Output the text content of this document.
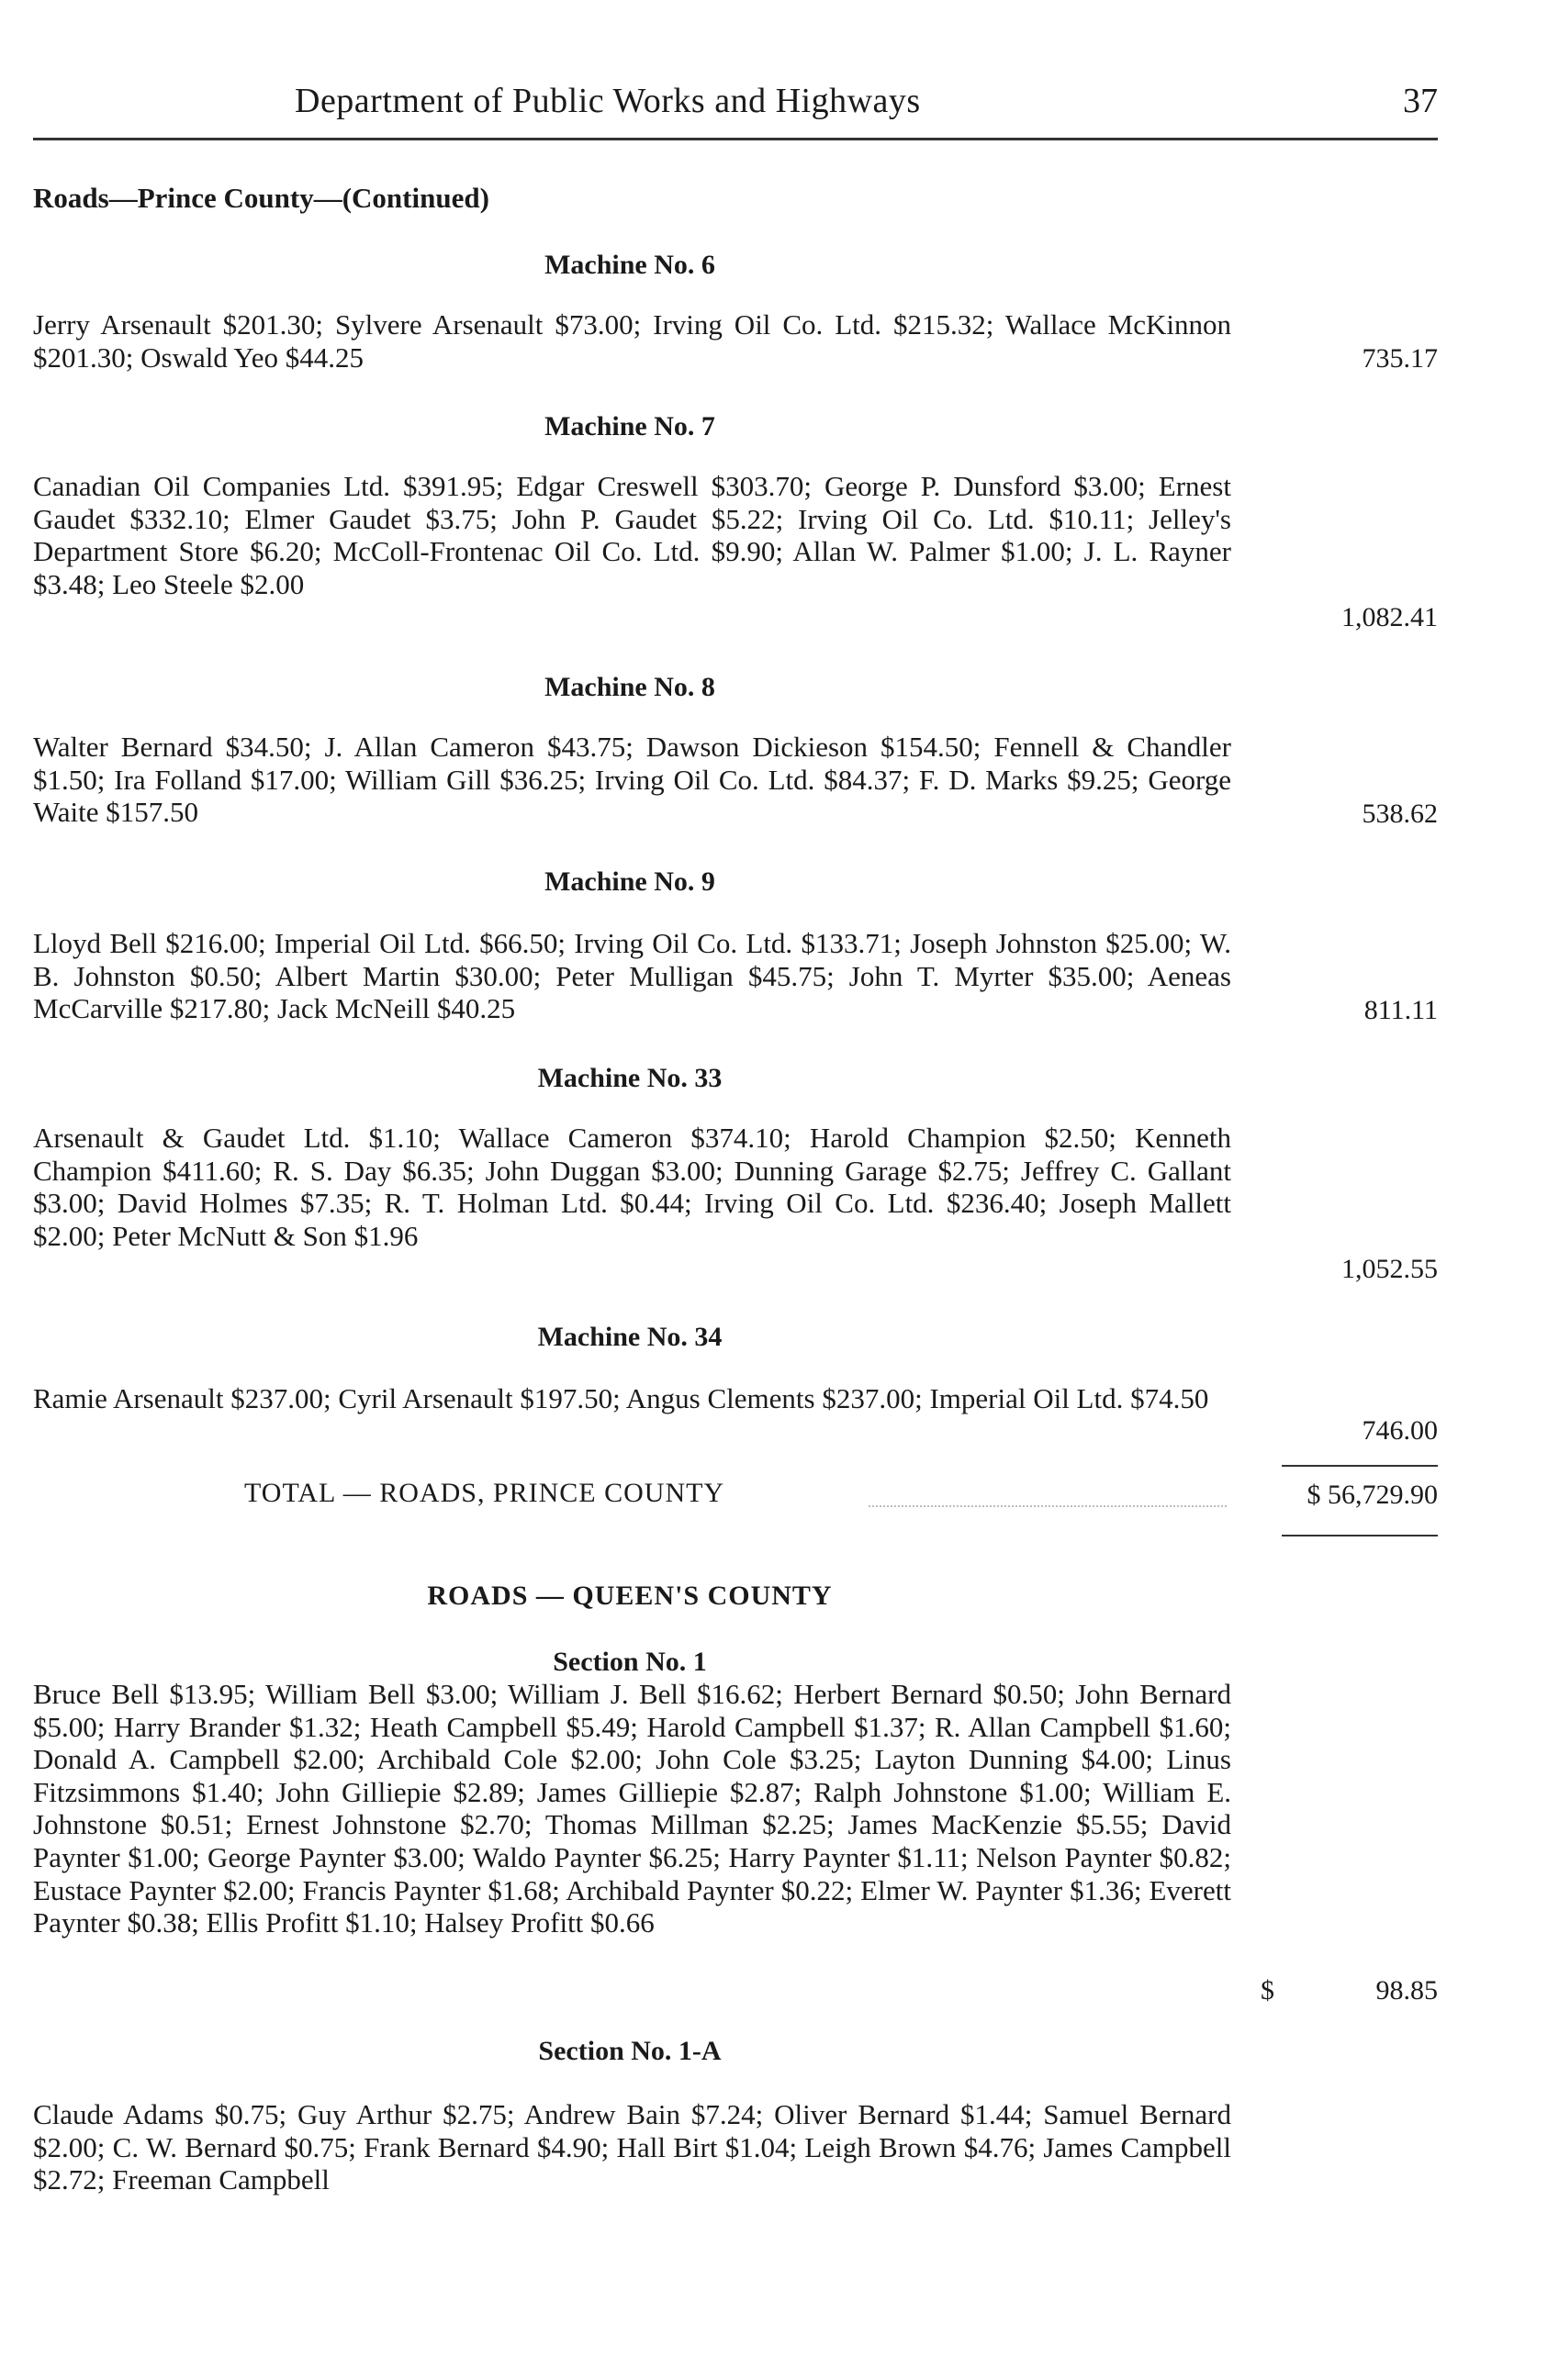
Department of Public Works and Highways	37
Roads—Prince County—(Continued)
Machine No. 6

Jerry Arsenault $201.30; Sylvere Arsenault $73.00; Irving Oil Co. Ltd. $215.32; Wallace McKinnon $201.30; Oswald Yeo $44.25	735.17
Machine No. 7

Canadian Oil Companies Ltd. $391.95; Edgar Creswell $303.70; George P. Dunsford $3.00; Ernest Gaudet $332.10; Elmer Gaudet $3.75; John P. Gaudet $5.22; Irving Oil Co. Ltd. $10.11; Jelley's Department Store $6.20; McColl-Frontenac Oil Co. Ltd. $9.90; Allan W. Palmer $1.00; J. L. Rayner $3.48; Leo Steele $2.00

1,082.41
Machine No. 8

Walter Bernard $34.50; J. Allan Cameron $43.75; Dawson Dickieson $154.50; Fennell & Chandler $1.50; Ira Folland $17.00; William Gill $36.25; Irving Oil Co. Ltd. $84.37; F. D. Marks $9.25; George Waite $157.50	538.62
Machine No. 9

Lloyd Bell $216.00; Imperial Oil Ltd. $66.50; Irving Oil Co. Ltd. $133.71; Joseph Johnston $25.00; W. B. Johnston $0.50; Albert Martin $30.00; Peter Mulligan $45.75; John T. Myrter $35.00; Aeneas McCarville $217.80; Jack McNeill $40.25	811.11
Machine No. 33

Arsenault & Gaudet Ltd. $1.10; Wallace Cameron $374.10; Harold Champion $2.50; Kenneth Champion $411.60; R. S. Day $6.35; John Duggan $3.00; Dunning Garage $2.75; Jeffrey C. Gallant $3.00; David Holmes $7.35; R. T. Holman Ltd. $0.44; Irving Oil Co. Ltd. $236.40; Joseph Mallett $2.00; Peter McNutt & Son $1.96

1,052.55
Machine No. 34

Ramie Arsenault $237.00; Cyril Arsenault $197.50; Angus Clements $237.00; Imperial Oil Ltd. $74.50

746.00
TOTAL — ROADS, PRINCE COUNTY	$ 56,729.90
ROADS — QUEEN'S COUNTY
Section No. 1

Bruce Bell $13.95; William Bell $3.00; William J. Bell $16.62; Herbert Bernard $0.50; John Bernard $5.00; Harry Brander $1.32; Heath Campbell $5.49; Harold Campbell $1.37; R. Allan Campbell $1.60; Donald A. Campbell $2.00; Archibald Cole $2.00; John Cole $3.25; Layton Dunning $4.00; Linus Fitzsimmons $1.40; John Gilliepie $2.89; James Gilliepie $2.87; Ralph Johnstone $1.00; William E. Johnstone $0.51; Ernest Johnstone $2.70; Thomas Millman $2.25; James MacKenzie $5.55; David Paynter $1.00; George Paynter $3.00; Waldo Paynter $6.25; Harry Paynter $1.11; Nelson Paynter $0.82; Eustace Paynter $2.00; Francis Paynter $1.68; Archibald Paynter $0.22; Elmer W. Paynter $1.36; Everett Paynter $0.38; Ellis Profitt $1.10; Halsey Profitt $0.66

$	98.85
Section No. 1-A

Claude Adams $0.75; Guy Arthur $2.75; Andrew Bain $7.24; Oliver Bernard $1.44; Samuel Bernard $2.00; C. W. Bernard $0.75; Frank Bernard $4.90; Hall Birt $1.04; Leigh Brown $4.76; James Campbell $2.72; Freeman Campbell
